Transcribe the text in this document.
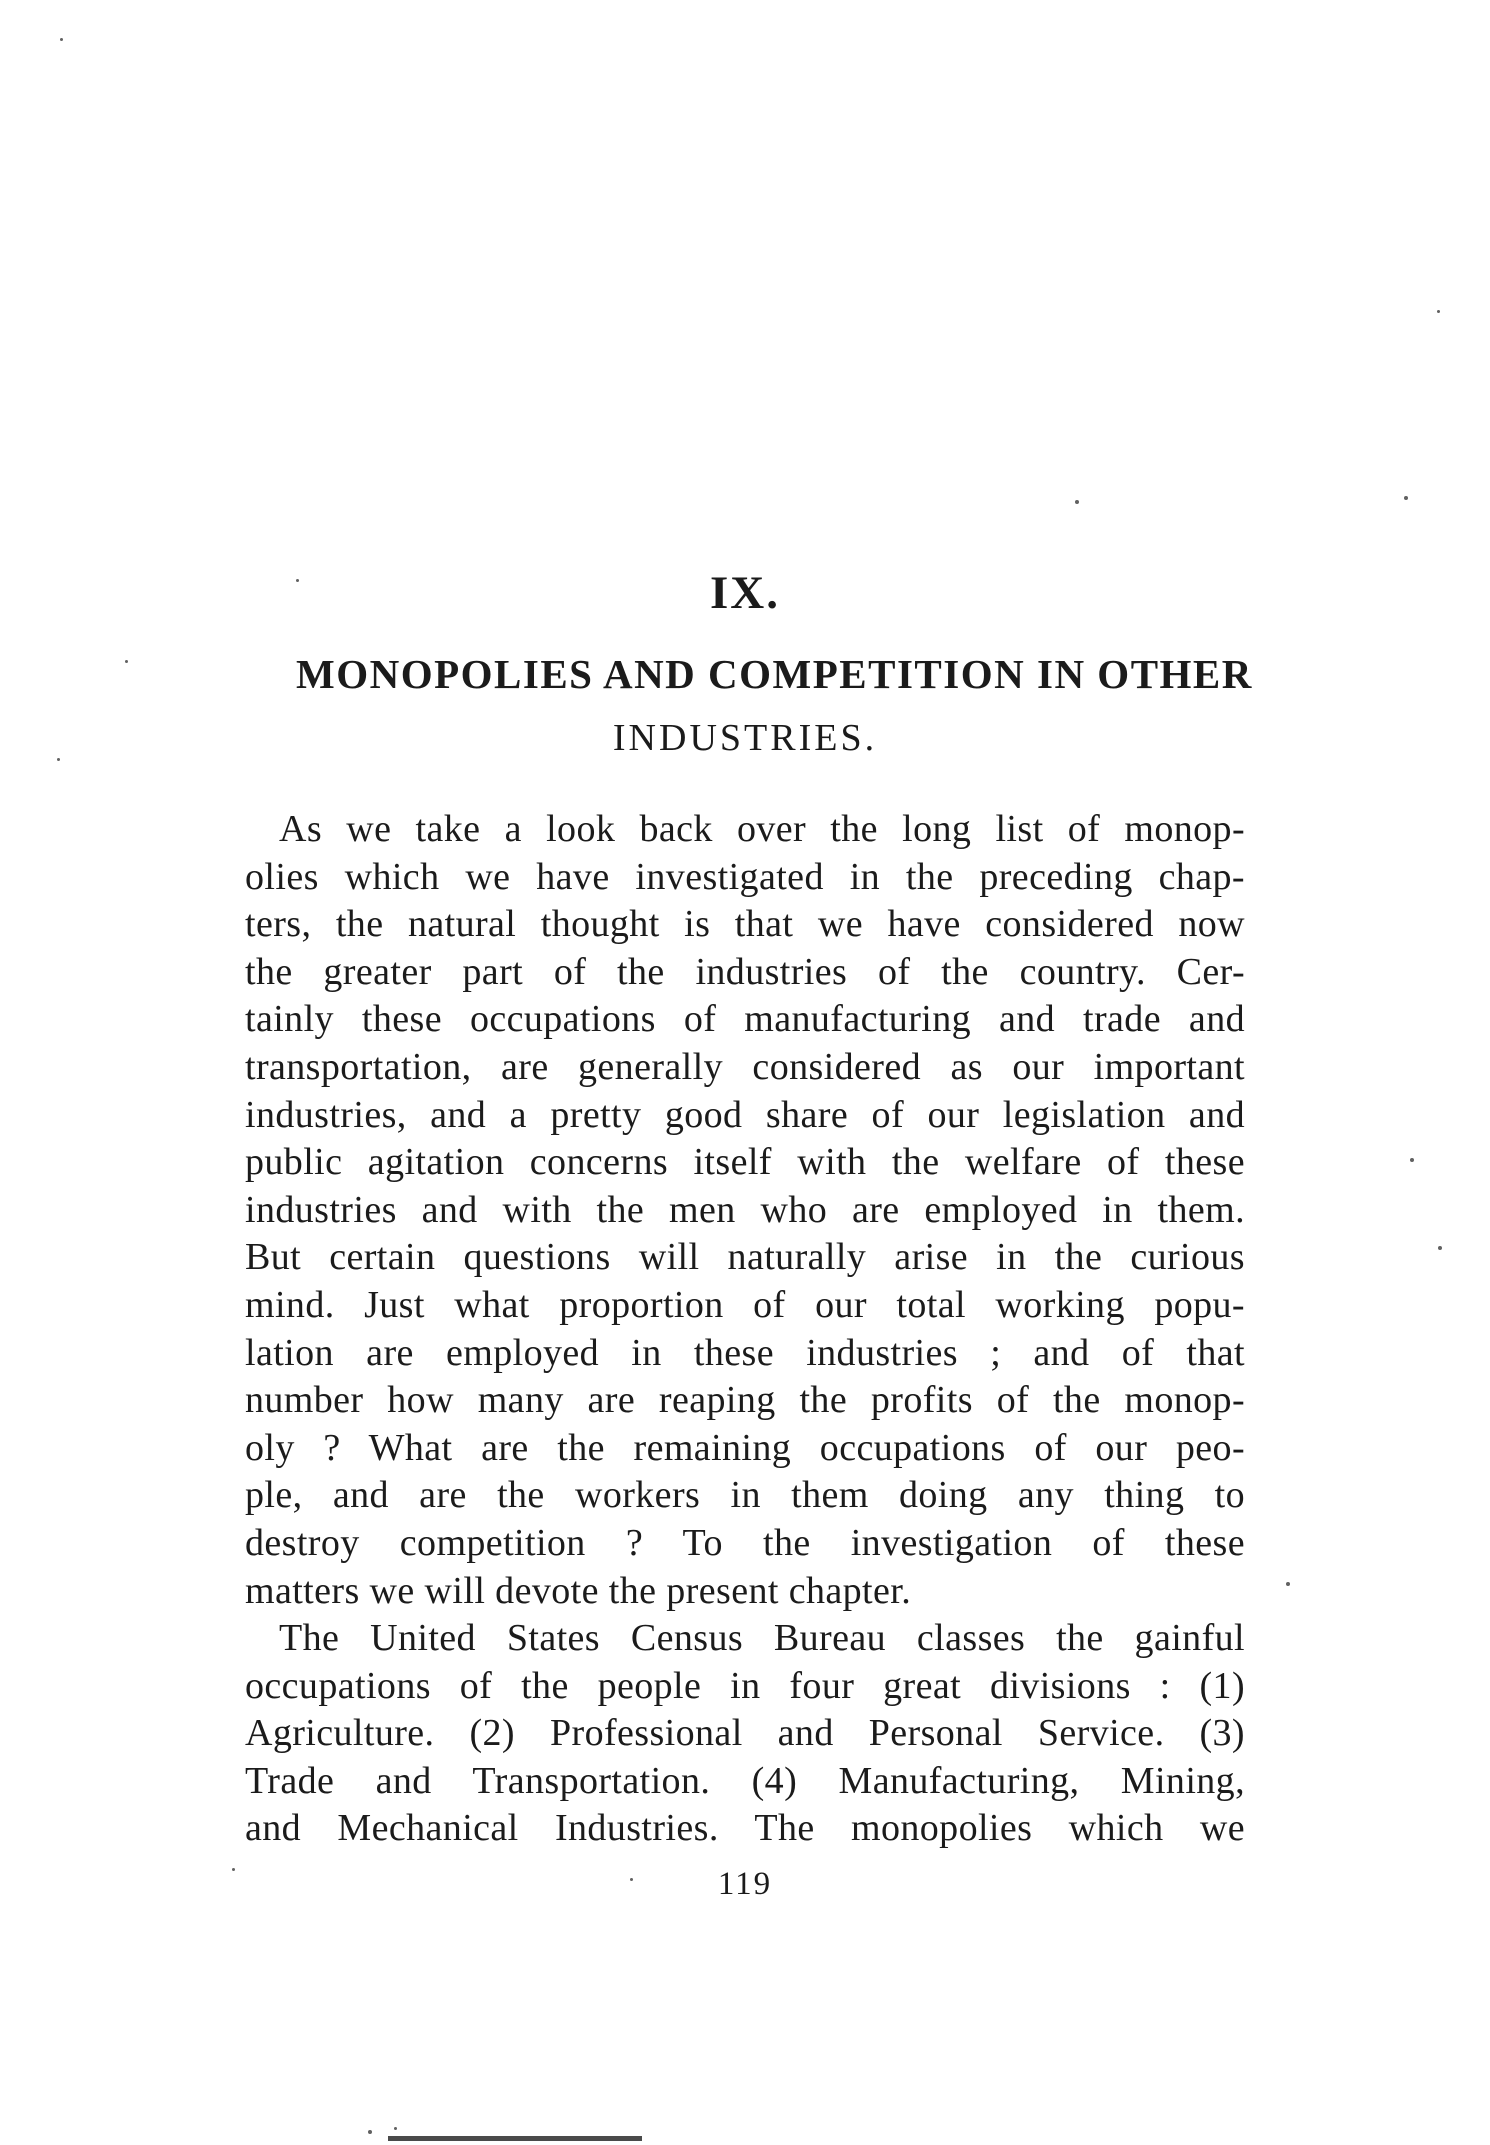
IX.
MONOPOLIES AND COMPETITION IN OTHER
INDUSTRIES.
As we take a look back over the long list of monop-
olies which we have investigated in the preceding chap-
ters, the natural thought is that we have considered now
the greater part of the industries of the country. Cer-
tainly these occupations of manufacturing and trade and
transportation, are generally considered as our important
industries, and a pretty good share of our legislation and
public agitation concerns itself with the welfare of these
industries and with the men who are employed in them.
But certain questions will naturally arise in the curious
mind. Just what proportion of our total working popu-
lation are employed in these industries ; and of that
number how many are reaping the profits of the monop-
oly ? What are the remaining occupations of our peo-
ple, and are the workers in them doing any thing to
destroy competition ? To the investigation of these
matters we will devote the present chapter.
The United States Census Bureau classes the gainful
occupations of the people in four great divisions : (1)
Agriculture. (2) Professional and Personal Service. (3)
Trade and Transportation. (4) Manufacturing, Mining,
and Mechanical Industries. The monopolies which we
119
